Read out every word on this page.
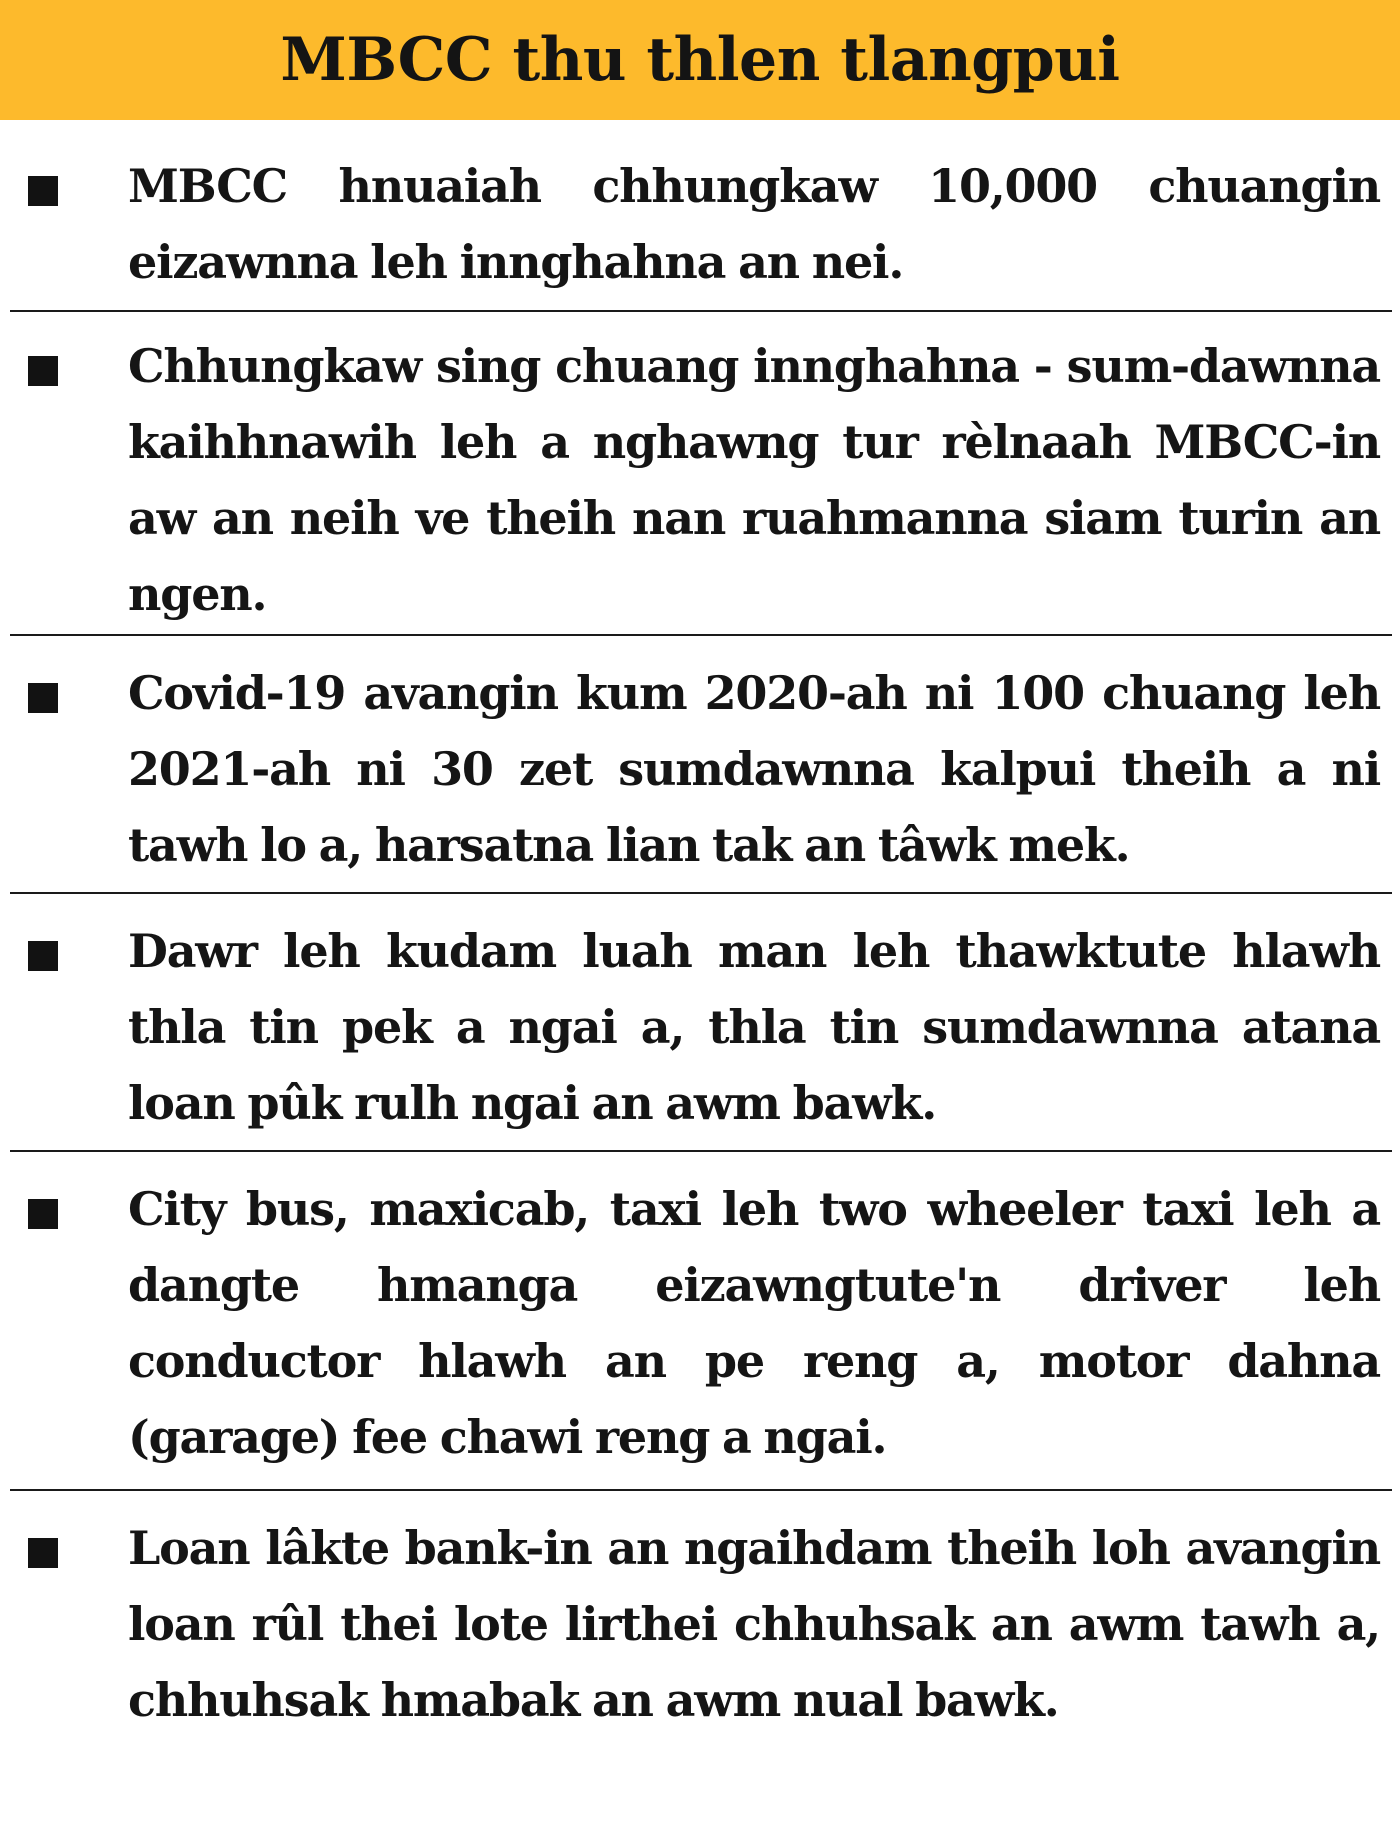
MBCC thu thlen tlangpui

MBCC hnuaiah chhungkaw 10,000 chuangin eizawnna leh innghahna an nei.

Chhungkaw sing chuang innghahna - sum-dawnna kaihhnawih leh a nghawng tur rèlnaah MBCC-in aw an neih ve theih nan ruahmanna siam turin an ngen.

Covid-19 avangin kum 2020-ah ni 100 chuang leh 2021-ah ni 30 zet sumdawnna kalpui theih a ni tawh lo a, harsatna lian tak an tâwk mek.

Dawr leh kudam luah man leh thawktute hlawh thla tin pek a ngai a, thla tin sumdawnna atana loan pûk rulh ngai an awm bawk.

City bus, maxicab, taxi leh two wheeler taxi leh a dangte hmanga eizawngtute'n driver leh conductor hlawh an pe reng a, motor dahna (garage) fee chawi reng a ngai.

Loan lâkte bank-in an ngaihdam theih loh avangin loan rûl thei lote lirthei chhuhsak an awm tawh a, chhuhsak hmabak an awm nual bawk.
